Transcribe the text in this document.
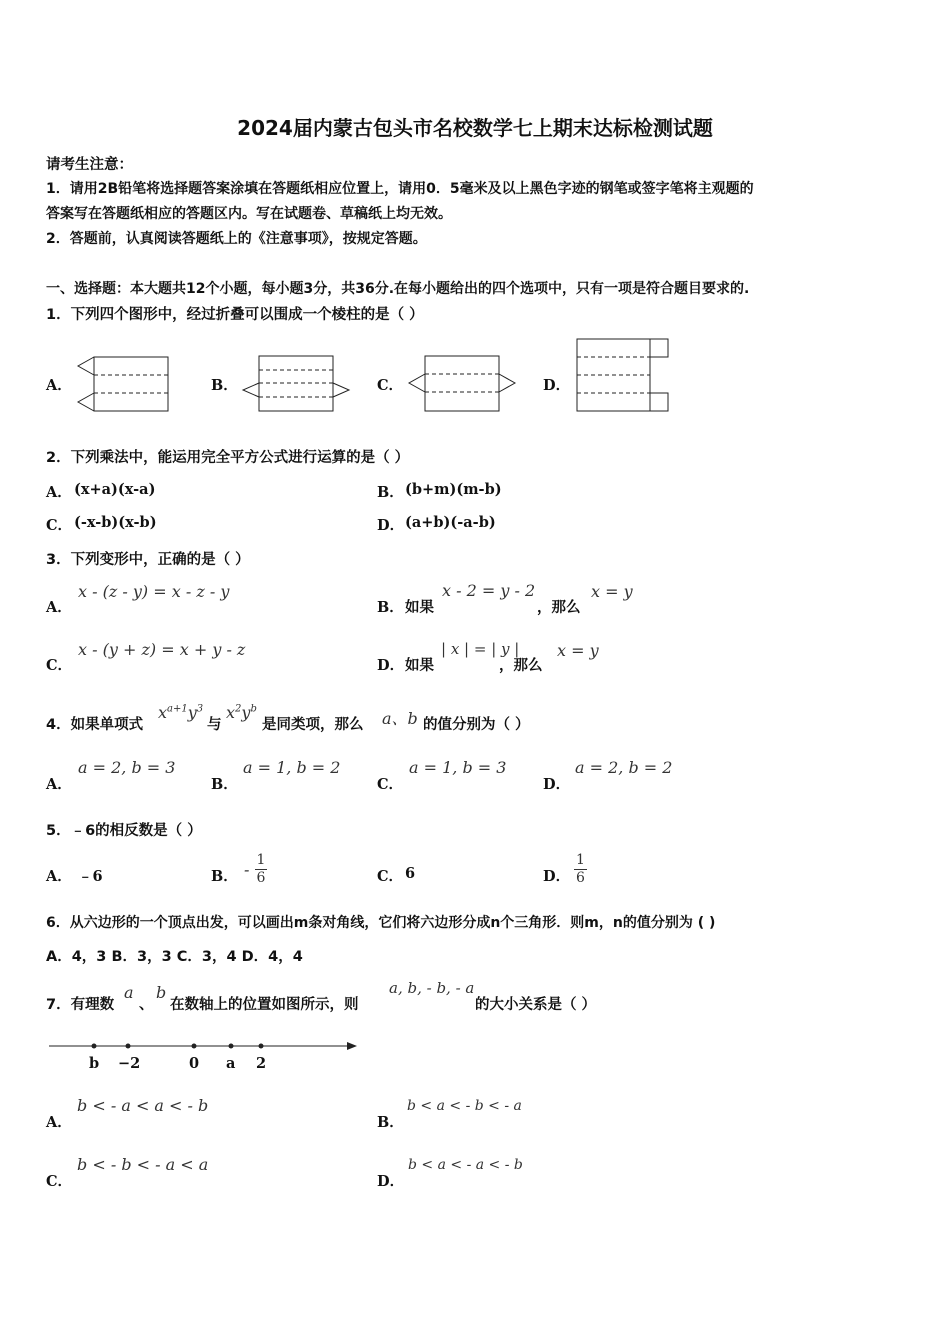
2024届内蒙古包头市名校数学七上期末达标检测试题
请考生注意：
1．请用2B铅笔将选择题答案涂填在答题纸相应位置上，请用0．5毫米及以上黑色字迹的钢笔或签字笔将主观题的
答案写在答题纸相应的答题区内。写在试题卷、草稿纸上均无效。
2．答题前，认真阅读答题纸上的《注意事项》，按规定答题。
一、选择题：本大题共12个小题，每小题3分，共36分.在每小题给出的四个选项中，只有一项是符合题目要求的.
1．下列四个图形中，经过折叠可以围成一个棱柱的是（ ）
A．	B．	C．	D．
2．下列乘法中，能运用完全平方公式进行运算的是（ ）
A． (x+a)(x-a)	B． (b+m)(m-b)
C． (-x-b)(x-b)	D． (a+b)(-a-b)
3．下列变形中，正确的是（ ）
A．
x - (z - y) = x - z - y
B． 如果
x - 2 = y - 2
，那么
x = y
C．
x - (y + z) = x + y - z
D． 如果
| x | = | y |
，那么
x = y
4．如果单项式
$x^{a+1}y^3$
与
$x^2y^b$
是同类项，那么 a、b 的值分别为（ ）
A．
a = 2, b = 3
B．
a = 1, b = 2
C．
a = 1, b = 3
D．
a = 2, b = 2
5．﹣6的相反数是（ ）
A． ﹣6	B． - $\frac{1}{6}$	C． 6	D． $\frac{1}{6}$
6．从六边形的一个顶点出发，可以画出m条对角线，它们将六边形分成n个三角形．则m，n的值分别为 ( )
A．4，3 B．3，3 C．3，4 D．4，4
7．有理数
a
、
b
在数轴上的位置如图所示，则
a, b, - b, - a
的大小关系是（ ）
b −2	0 a 2
A．
b < - a < a < - b
B．
b < a < - b < - a
C．
b < - b < - a < a
D．
b < a < - a < - b
